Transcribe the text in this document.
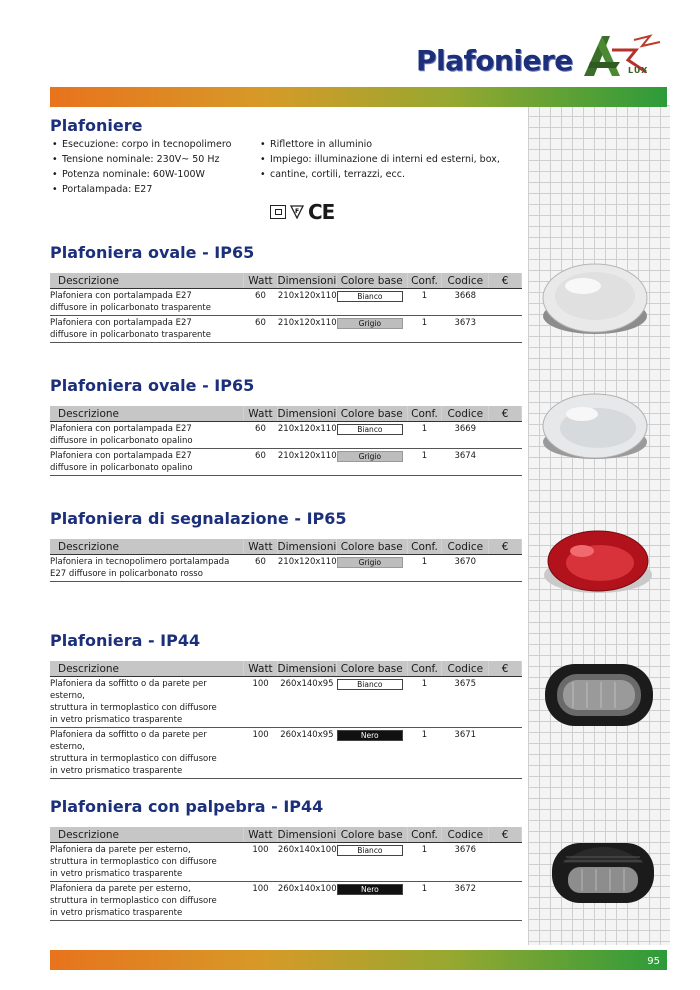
Plafoniere	LUX
Plafoniere
• Esecuzione: corpo in tecnopolimero
• Tensione nominale: 230V~ 50 Hz
• Potenza nominale: 60W-100W
• Portalampada: E27
• Riflettore in alluminio
• Impiego: illuminazione di interni ed esterni, box,
• cantine, cortili, terrazzi, ecc.
F CE
Plafoniera ovale - IP65
Descrizione	Watt Dimensioni Colore base Conf. Codice	€
Plafoniera con portalampada E27
diffusore in policarbonato trasparente
60	210x120x110	Bianco	1	3668
Plafoniera con portalampada E27
diffusore in policarbonato trasparente
60	210x120x110	Grigio	1	3673
Plafoniera ovale - IP65
Descrizione	Watt Dimensioni Colore base Conf. Codice	€
Plafoniera con portalampada E27
diffusore in policarbonato opalino
60	210x120x110	Bianco	1	3669
Plafoniera con portalampada E27
diffusore in policarbonato opalino
60	210x120x110	Grigio	1	3674
Plafoniera di segnalazione - IP65
Descrizione	Watt Dimensioni Colore base Conf. Codice	€
Plafoniera in tecnopolimero portalampada
E27 diffusore in policarbonato rosso
60	210x120x110	Grigio	1	3670
Plafoniera - IP44
Descrizione	Watt Dimensioni Colore base Conf. Codice	€
Plafoniera da soffitto o da parete per esterno,
struttura in termoplastico con diffusore
in vetro prismatico trasparente
100	260x140x95	Bianco	1	3675
Plafoniera da soffitto o da parete per esterno,
struttura in termoplastico con diffusore
in vetro prismatico trasparente
100	260x140x95	Nero	1	3671
Plafoniera con palpebra - IP44
Descrizione	Watt Dimensioni Colore base Conf. Codice	€
Plafoniera da parete per esterno,
struttura in termoplastico con diffusore
in vetro prismatico trasparente
100	260x140x100	Bianco	1	3676
Plafoniera da parete per esterno,
struttura in termoplastico con diffusore
in vetro prismatico trasparente
100	260x140x100	Nero	1	3672
95
